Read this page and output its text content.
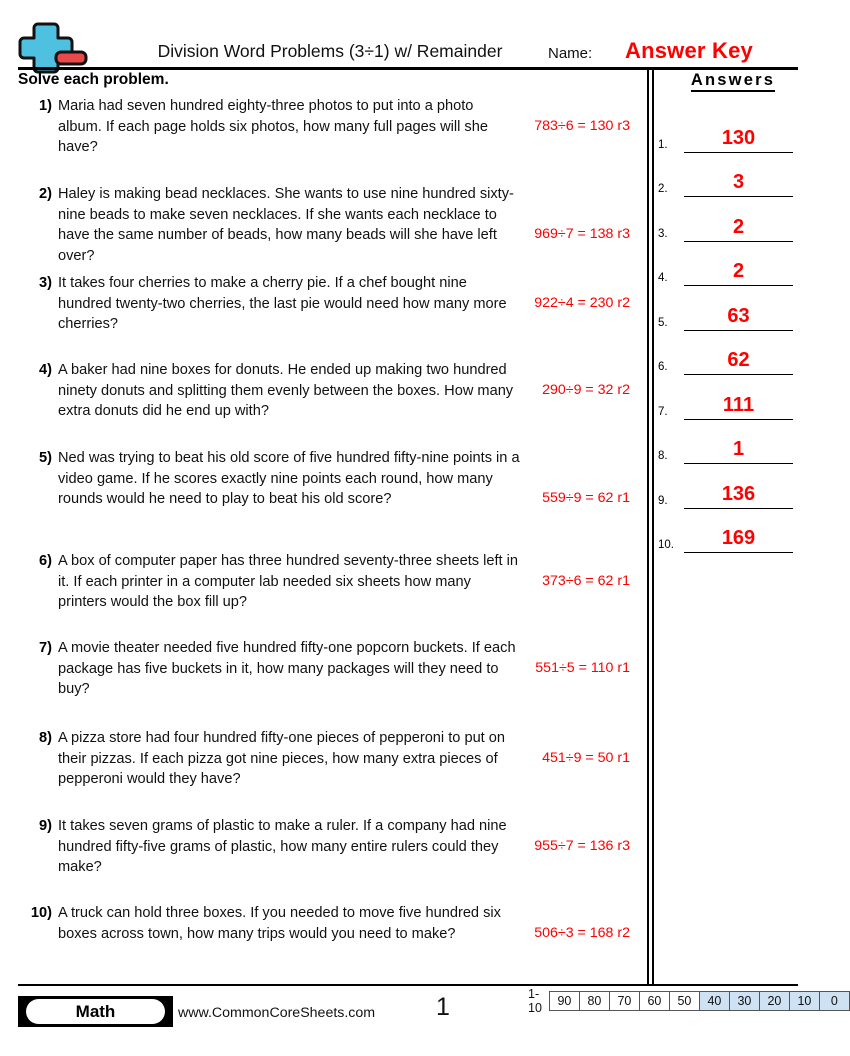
Division Word Problems (3÷1) w/ Remainder	Name: Answer Key
Solve each problem.
1) Maria had seven hundred eighty-three photos to put into a photo album. If each page holds six photos, how many full pages will she have?
783÷6 = 130 r3
2) Haley is making bead necklaces. She wants to use nine hundred sixty-nine beads to make seven necklaces. If she wants each necklace to have the same number of beads, how many beads will she have left over?
969÷7 = 138 r3
3) It takes four cherries to make a cherry pie. If a chef bought nine hundred twenty-two cherries, the last pie would need how many more cherries?
922÷4 = 230 r2
4) A baker had nine boxes for donuts. He ended up making two hundred ninety donuts and splitting them evenly between the boxes. How many extra donuts did he end up with?
290÷9 = 32 r2
5) Ned was trying to beat his old score of five hundred fifty-nine points in a video game. If he scores exactly nine points each round, how many rounds would he need to play to beat his old score?	559÷9 = 62 r1
6) A box of computer paper has three hundred seventy-three sheets left in it. If each printer in a computer lab needed six sheets how many printers would the box fill up?
373÷6 = 62 r1
7) A movie theater needed five hundred fifty-one popcorn buckets. If each package has five buckets in it, how many packages will they need to buy?
551÷5 = 110 r1
8) A pizza store had four hundred fifty-one pieces of pepperoni to put on their pizzas. If each pizza got nine pieces, how many extra pieces of pepperoni would they have?
451÷9 = 50 r1
9) It takes seven grams of plastic to make a ruler. If a company had nine hundred fifty-five grams of plastic, how many entire rulers could they make?
955÷7 = 136 r3
10) A truck can hold three boxes. If you needed to move five hundred six boxes across town, how many trips would you need to make?	506÷3 = 168 r2
Answers
1.	130
2.	3
3.	2
4.	2
5.	63
6.	62
7.	111
8.	1
9.	136
10.	169
Math	www.CommonCoreSheets.com	1	1-10	90	80	70	60	50	40	30	20	10	0
